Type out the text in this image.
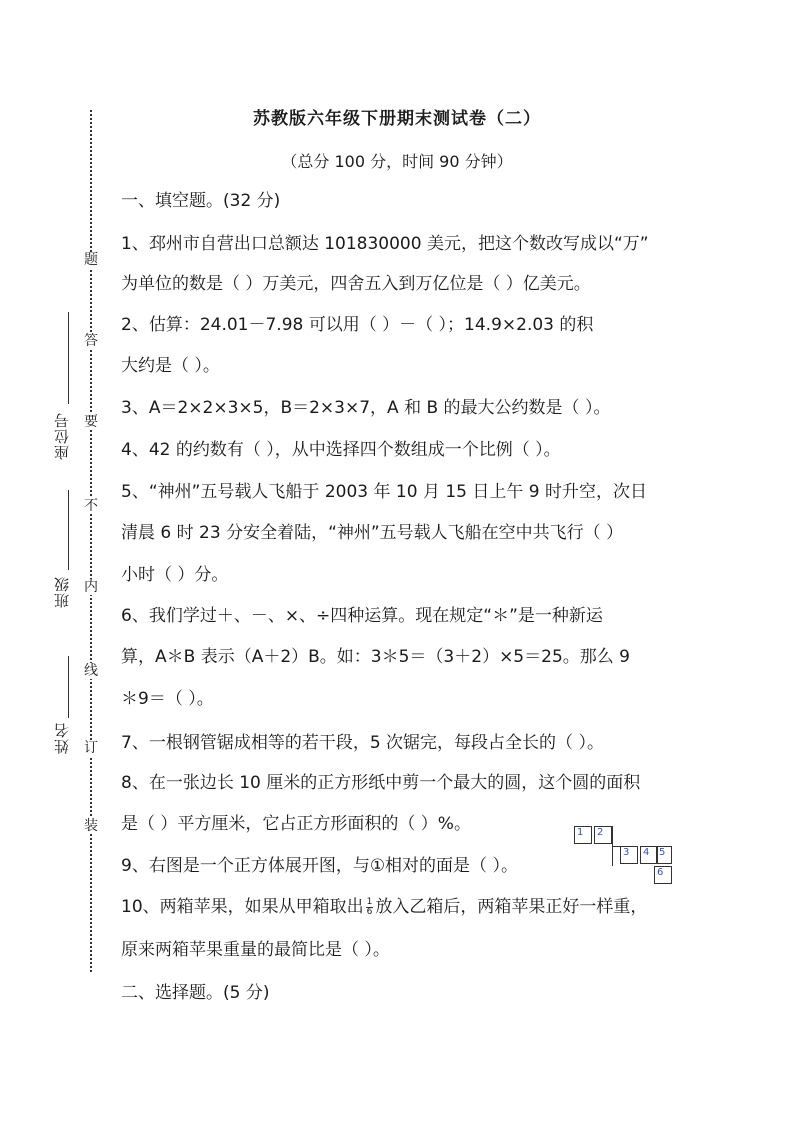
题
答
要
不
内
线
订
装
座位号
班级
姓名
苏教版六年级下册期末测试卷（二）
（总分 100 分，时间 90 分钟）
一、填空题。(32 分)
1、邳州市自营出口总额达 101830000 美元，把这个数改写成以“万”
为单位的数是（ ）万美元，四舍五入到万亿位是（ ）亿美元。
2、估算：24.01－7.98 可以用（ ）－（ ）；14.9×2.03 的积
大约是（ ）。
3、A＝2×2×3×5，B＝2×3×7，A 和 B 的最大公约数是（ ）。
4、42 的约数有（ ），从中选择四个数组成一个比例（ ）。
5、“神州”五号载人飞船于 2003 年 10 月 15 日上午 9 时升空，次日
清晨 6 时 23 分安全着陆，“神州”五号载人飞船在空中共飞行（ ）
小时（ ）分。
6、我们学过＋、－、×、÷四种运算。现在规定“＊”是一种新运
算，A＊B 表示（A＋2）B。如：3＊5＝（3＋2）×5＝25。那么 9
＊9＝（ ）。
7、一根钢管锯成相等的若干段，5 次锯完，每段占全长的（ ）。
8、在一张边长 10 厘米的正方形纸中剪一个最大的圆，这个圆的面积
是（ ）平方厘米，它占正方形面积的（ ）%。
9、右图是一个正方体展开图，与①相对的面是（ ）。
10、两箱苹果，如果从甲箱取出 $\frac{1}{6}$ 放入乙箱后，两箱苹果正好一样重，
原来两箱苹果重量的最简比是（ ）。
二、选择题。(5 分)
1	2
3	4 5
6
